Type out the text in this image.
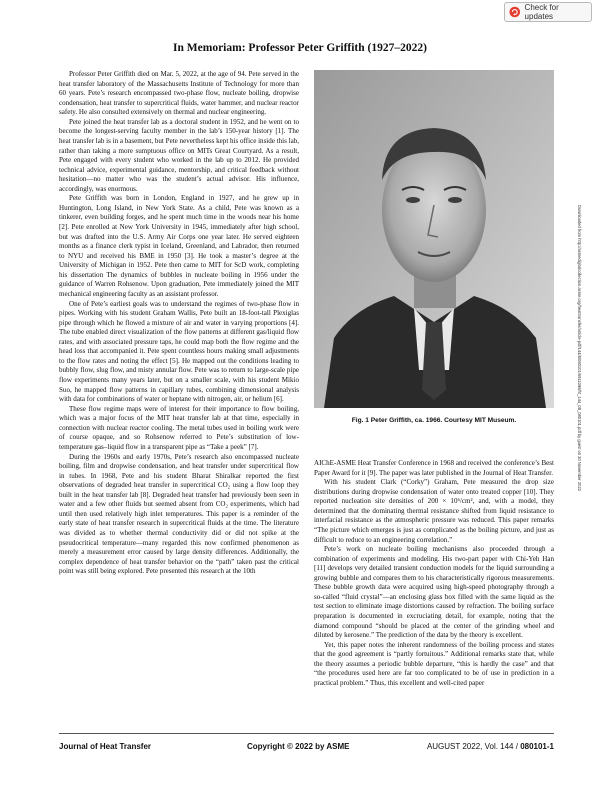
Check for updates
In Memoriam: Professor Peter Griffith (1927–2022)

Professor Peter Griffith died on Mar. 5, 2022, at the age of 94. Pete served in the heat transfer laboratory of the Massachusetts Institute of Technology for more than 60 years. Pete’s research encompassed two-phase flow, nucleate boiling, dropwise condensation, heat transfer to supercritical fluids, water hammer, and nuclear reactor safety. He also consulted extensively on thermal and nuclear engineering.

Pete joined the heat transfer lab as a doctoral student in 1952, and he went on to become the longest-serving faculty member in the lab’s 150-year history [1]. The heat transfer lab is in a basement, but Pete nevertheless kept his office inside this lab, rather than taking a more sumptuous office on MITs Great Courtyard. As a result, Pete engaged with every student who worked in the lab up to 2012. He provided technical advice, experimental guidance, mentorship, and critical feedback without hesitation—no matter who was the student’s actual advisor. His influence, accordingly, was enormous.

Pete Griffith was born in London, England in 1927, and he grew up in Huntington, Long Island, in New York State. As a child, Pete was known as a tinkerer, even building forges, and he spent much time in the woods near his home [2]. Pete enrolled at New York University in 1945, immediately after high school, but was drafted into the U.S. Army Air Corps one year later. He served eighteen months as a finance clerk typist in Iceland, Greenland, and Labrador, then returned to NYU and received his BME in 1950 [3]. He took a master’s degree at the University of Michigan in 1952. Pete then came to MIT for ScD work, completing his dissertation The dynamics of bubbles in nucleate boiling in 1956 under the guidance of Warren Rohsenow. Upon graduation, Pete immediately joined the MIT mechanical engineering faculty as an assistant professor.

One of Pete’s earliest goals was to understand the regimes of two-phase flow in pipes. Working with his student Graham Wallis, Pete built an 18-foot-tall Plexiglas pipe through which he flowed a mixture of air and water in varying proportions [4]. The tube enabled direct visualization of the flow patterns at different gas/liquid flow rates, and with associated pressure taps, he could map both the flow regime and the head loss that accompanied it. Pete spent countless hours making small adjustments to the flow rates and noting the effect [5]. He mapped out the conditions leading to bubbly flow, slug flow, and misty annular flow. Pete was to return to large-scale pipe flow experiments many years later, but on a smaller scale, with his student Mikio Suo, he mapped flow patterns in capillary tubes, combining dimensional analysis with data for combinations of water or heptane with nitrogen, air, or helium [6].

These flow regime maps were of interest for their importance to flow boiling, which was a major focus of the MIT heat transfer lab at that time, especially in connection with nuclear reactor cooling. The metal tubes used in boiling work were of course opaque, and so Rohsenow referred to Pete’s substitution of low-temperature gas–liquid flow in a transparent pipe as “Take a peek” [7].

During the 1960s and early 1970s, Pete’s research also encompassed nucleate boiling, film and dropwise condensation, and heat transfer under supercritical flow in tubes. In 1968, Pete and his student Bharat Shiralkar reported the first observations of degraded heat transfer in supercritical CO₂ using a flow loop they built in the heat transfer lab [8]. Degraded heat transfer had previously been seen in water and a few other fluids but seemed absent from CO₂ experiments, which had until then used relatively high inlet temperatures. This paper is a reminder of the early state of heat transfer research in supercritical fluids at the time. The literature was divided as to whether thermal conductivity did or did not spike at the pseudocritical temperature—many regarded this now confirmed phenomenon as merely a measurement error caused by large density differences. Additionally, the complex dependence of heat transfer behavior on the “path” taken past the critical point was still being explored. Pete presented this research at the 10th

Fig. 1 Peter Griffith, ca. 1966. Courtesy MIT Museum.

AIChE-ASME Heat Transfer Conference in 1968 and received the conference’s Best Paper Award for it [9]. The paper was later published in the Journal of Heat Transfer.

With his student Clark (“Corky”) Graham, Pete measured the drop size distributions during dropwise condensation of water onto treated copper [10]. They reported nucleation site densities of 200 × 10⁶/cm², and, with a model, they determined that the dominating thermal resistance shifted from liquid resistance to interfacial resistance as the atmospheric pressure was reduced. This paper remarks “The picture which emerges is just as complicated as the boiling picture, and just as difficult to reduce to an engineering correlation.”

Pete’s work on nucleate boiling mechanisms also proceeded through a combination of experiments and modeling. His two-part paper with Chi-Yeh Han [11] develops very detailed transient conduction models for the liquid surrounding a growing bubble and compares them to his characteristically rigorous measurements. These bubble growth data were acquired using high-speed photography through a so-called “fluid crystal”—an enclosing glass box filled with the same liquid as the test section to eliminate image distortions caused by refraction. The boiling surface preparation is documented in excruciating detail, for example, noting that the diamond compound “should be placed at the center of the grinding wheel and diluted by kerosene.” The prediction of the data by the theory is excellent.

Yet, this paper notes the inherent randomness of the boiling process and states that the good agreement is “partly fortuitous.” Additional remarks state that, while the theory assumes a periodic bubble departure, “this is hardly the case” and that “the procedures used here are far too complicated to be of use in prediction in a practical problem.” Thus, this excellent and well-cited paper

Downloaded from http://asmedigitalcollection.asme.org/heattransfer/article-pdf/144/8/080101/6911098/ht_144_08_080101.pdf by guest on 30 November 2022
Journal of Heat Transfer	Copyright © 2022 by ASME	AUGUST 2022, Vol. 144 / 080101-1
